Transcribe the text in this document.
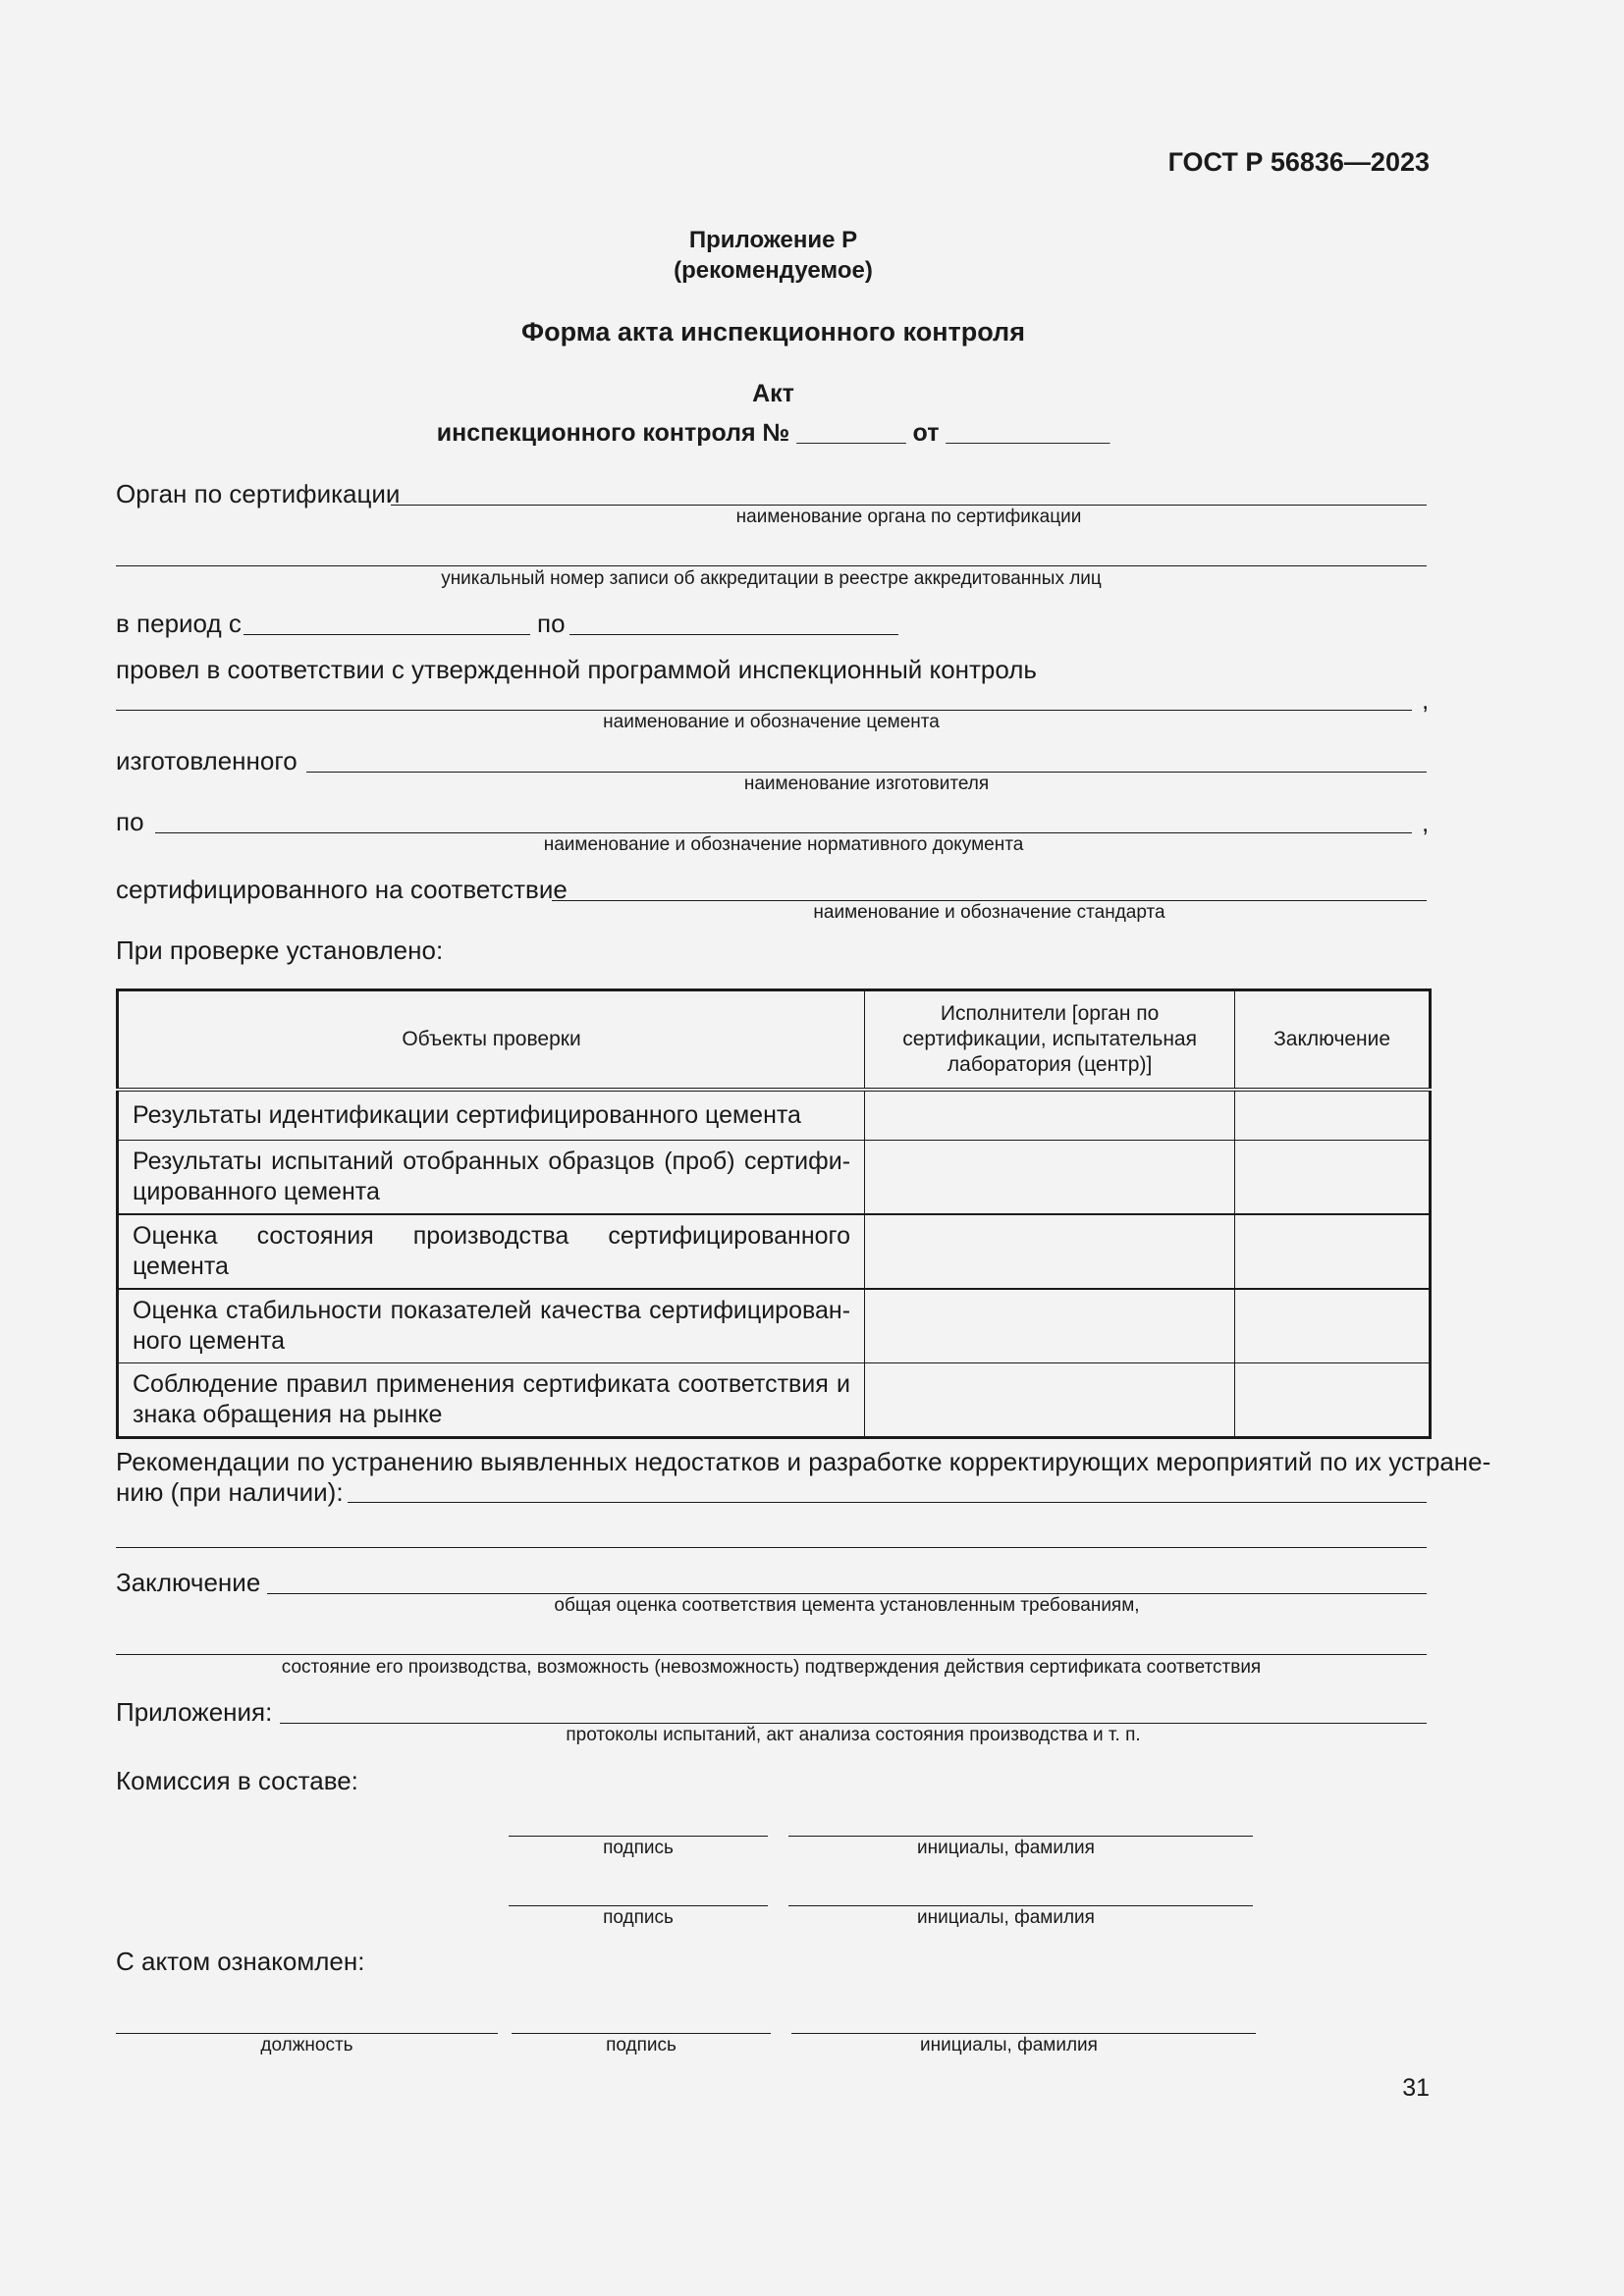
ГОСТ Р 56836—2023
Приложение Р
(рекомендуемое)
Форма акта инспекционного контроля
Акт
инспекционного контроля № ________ от ____________
Орган по сертификации
наименование органа по сертификации
уникальный номер записи об аккредитации в реестре аккредитованных лиц
в период с	по
провел в соответствии с утвержденной программой инспекционный контроль
,
наименование и обозначение цемента
изготовленного
наименование изготовителя
по	,
наименование и обозначение нормативного документа
сертифицированного на соответствие
наименование и обозначение стандарта
При проверке установлено:
Объекты проверки	Исполнители [орган по сертификации, испытательная лаборатория (центр)]	Заключение
Результаты идентификации сертифицированного цемента		
Результаты испытаний отобранных образцов (проб) сертифицированного цемента		
Оценка состояния производства сертифицированного цемента		
Оценка стабильности показателей качества сертифицированного цемента		
Соблюдение правил применения сертификата соответствия и знака обращения на рынке		
Рекомендации по устранению выявленных недостатков и разработке корректирующих мероприятий по их устране-
нию (при наличии):
Заключение
общая оценка соответствия цемента установленным требованиям,
состояние его производства, возможность (невозможность) подтверждения действия сертификата соответствия
Приложения:
протоколы испытаний, акт анализа состояния производства и т. п.
Комиссия в составе:
подпись	инициалы, фамилия
подпись	инициалы, фамилия
С актом ознакомлен:
должность	подпись	инициалы, фамилия
31
